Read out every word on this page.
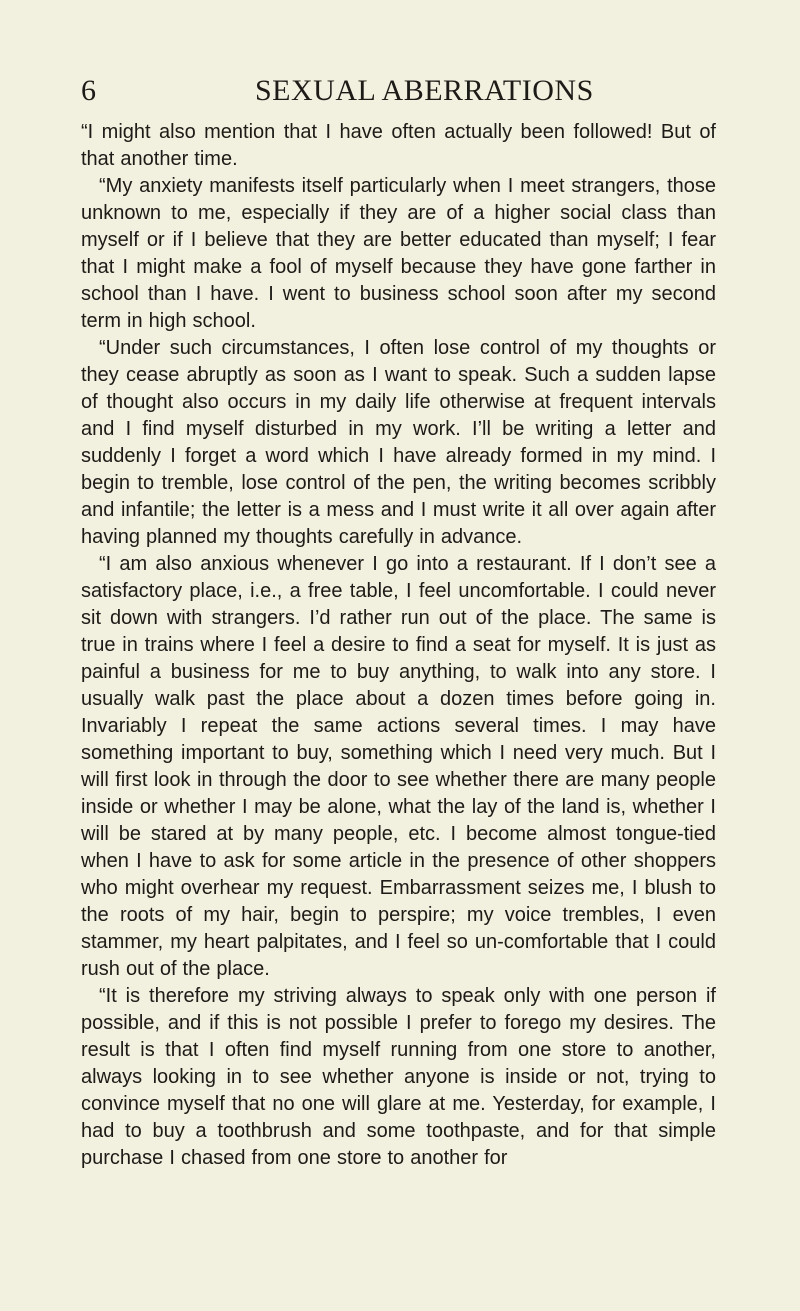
6	SEXUAL ABERRATIONS

“I might also mention that I have often actually been followed! But of that another time.

“My anxiety manifests itself particularly when I meet strangers, those unknown to me, especially if they are of a higher social class than myself or if I believe that they are better educated than myself; I fear that I might make a fool of myself because they have gone farther in school than I have. I went to business school soon after my second term in high school.

“Under such circumstances, I often lose control of my thoughts or they cease abruptly as soon as I want to speak. Such a sudden lapse of thought also occurs in my daily life otherwise at frequent intervals and I find myself disturbed in my work. I’ll be writing a letter and suddenly I forget a word which I have already formed in my mind. I begin to tremble, lose control of the pen, the writing becomes scribbly and infantile; the letter is a mess and I must write it all over again after having planned my thoughts carefully in advance.

“I am also anxious whenever I go into a restaurant. If I don’t see a satisfactory place, i.e., a free table, I feel uncomfortable. I could never sit down with strangers. I’d rather run out of the place. The same is true in trains where I feel a desire to find a seat for myself. It is just as painful a business for me to buy anything, to walk into any store. I usually walk past the place about a dozen times before going in. Invariably I repeat the same actions several times. I may have something important to buy, something which I need very much. But I will first look in through the door to see whether there are many people inside or whether I may be alone, what the lay of the land is, whether I will be stared at by many people, etc. I become almost tongue-tied when I have to ask for some article in the presence of other shoppers who might overhear my request. Embarrassment seizes me, I blush to the roots of my hair, begin to perspire; my voice trembles, I even stammer, my heart palpitates, and I feel so un-comfortable that I could rush out of the place.

“It is therefore my striving always to speak only with one person if possible, and if this is not possible I prefer to forego my desires. The result is that I often find myself running from one store to another, always looking in to see whether anyone is inside or not, trying to convince myself that no one will glare at me. Yesterday, for example, I had to buy a toothbrush and some toothpaste, and for that simple purchase I chased from one store to another for
